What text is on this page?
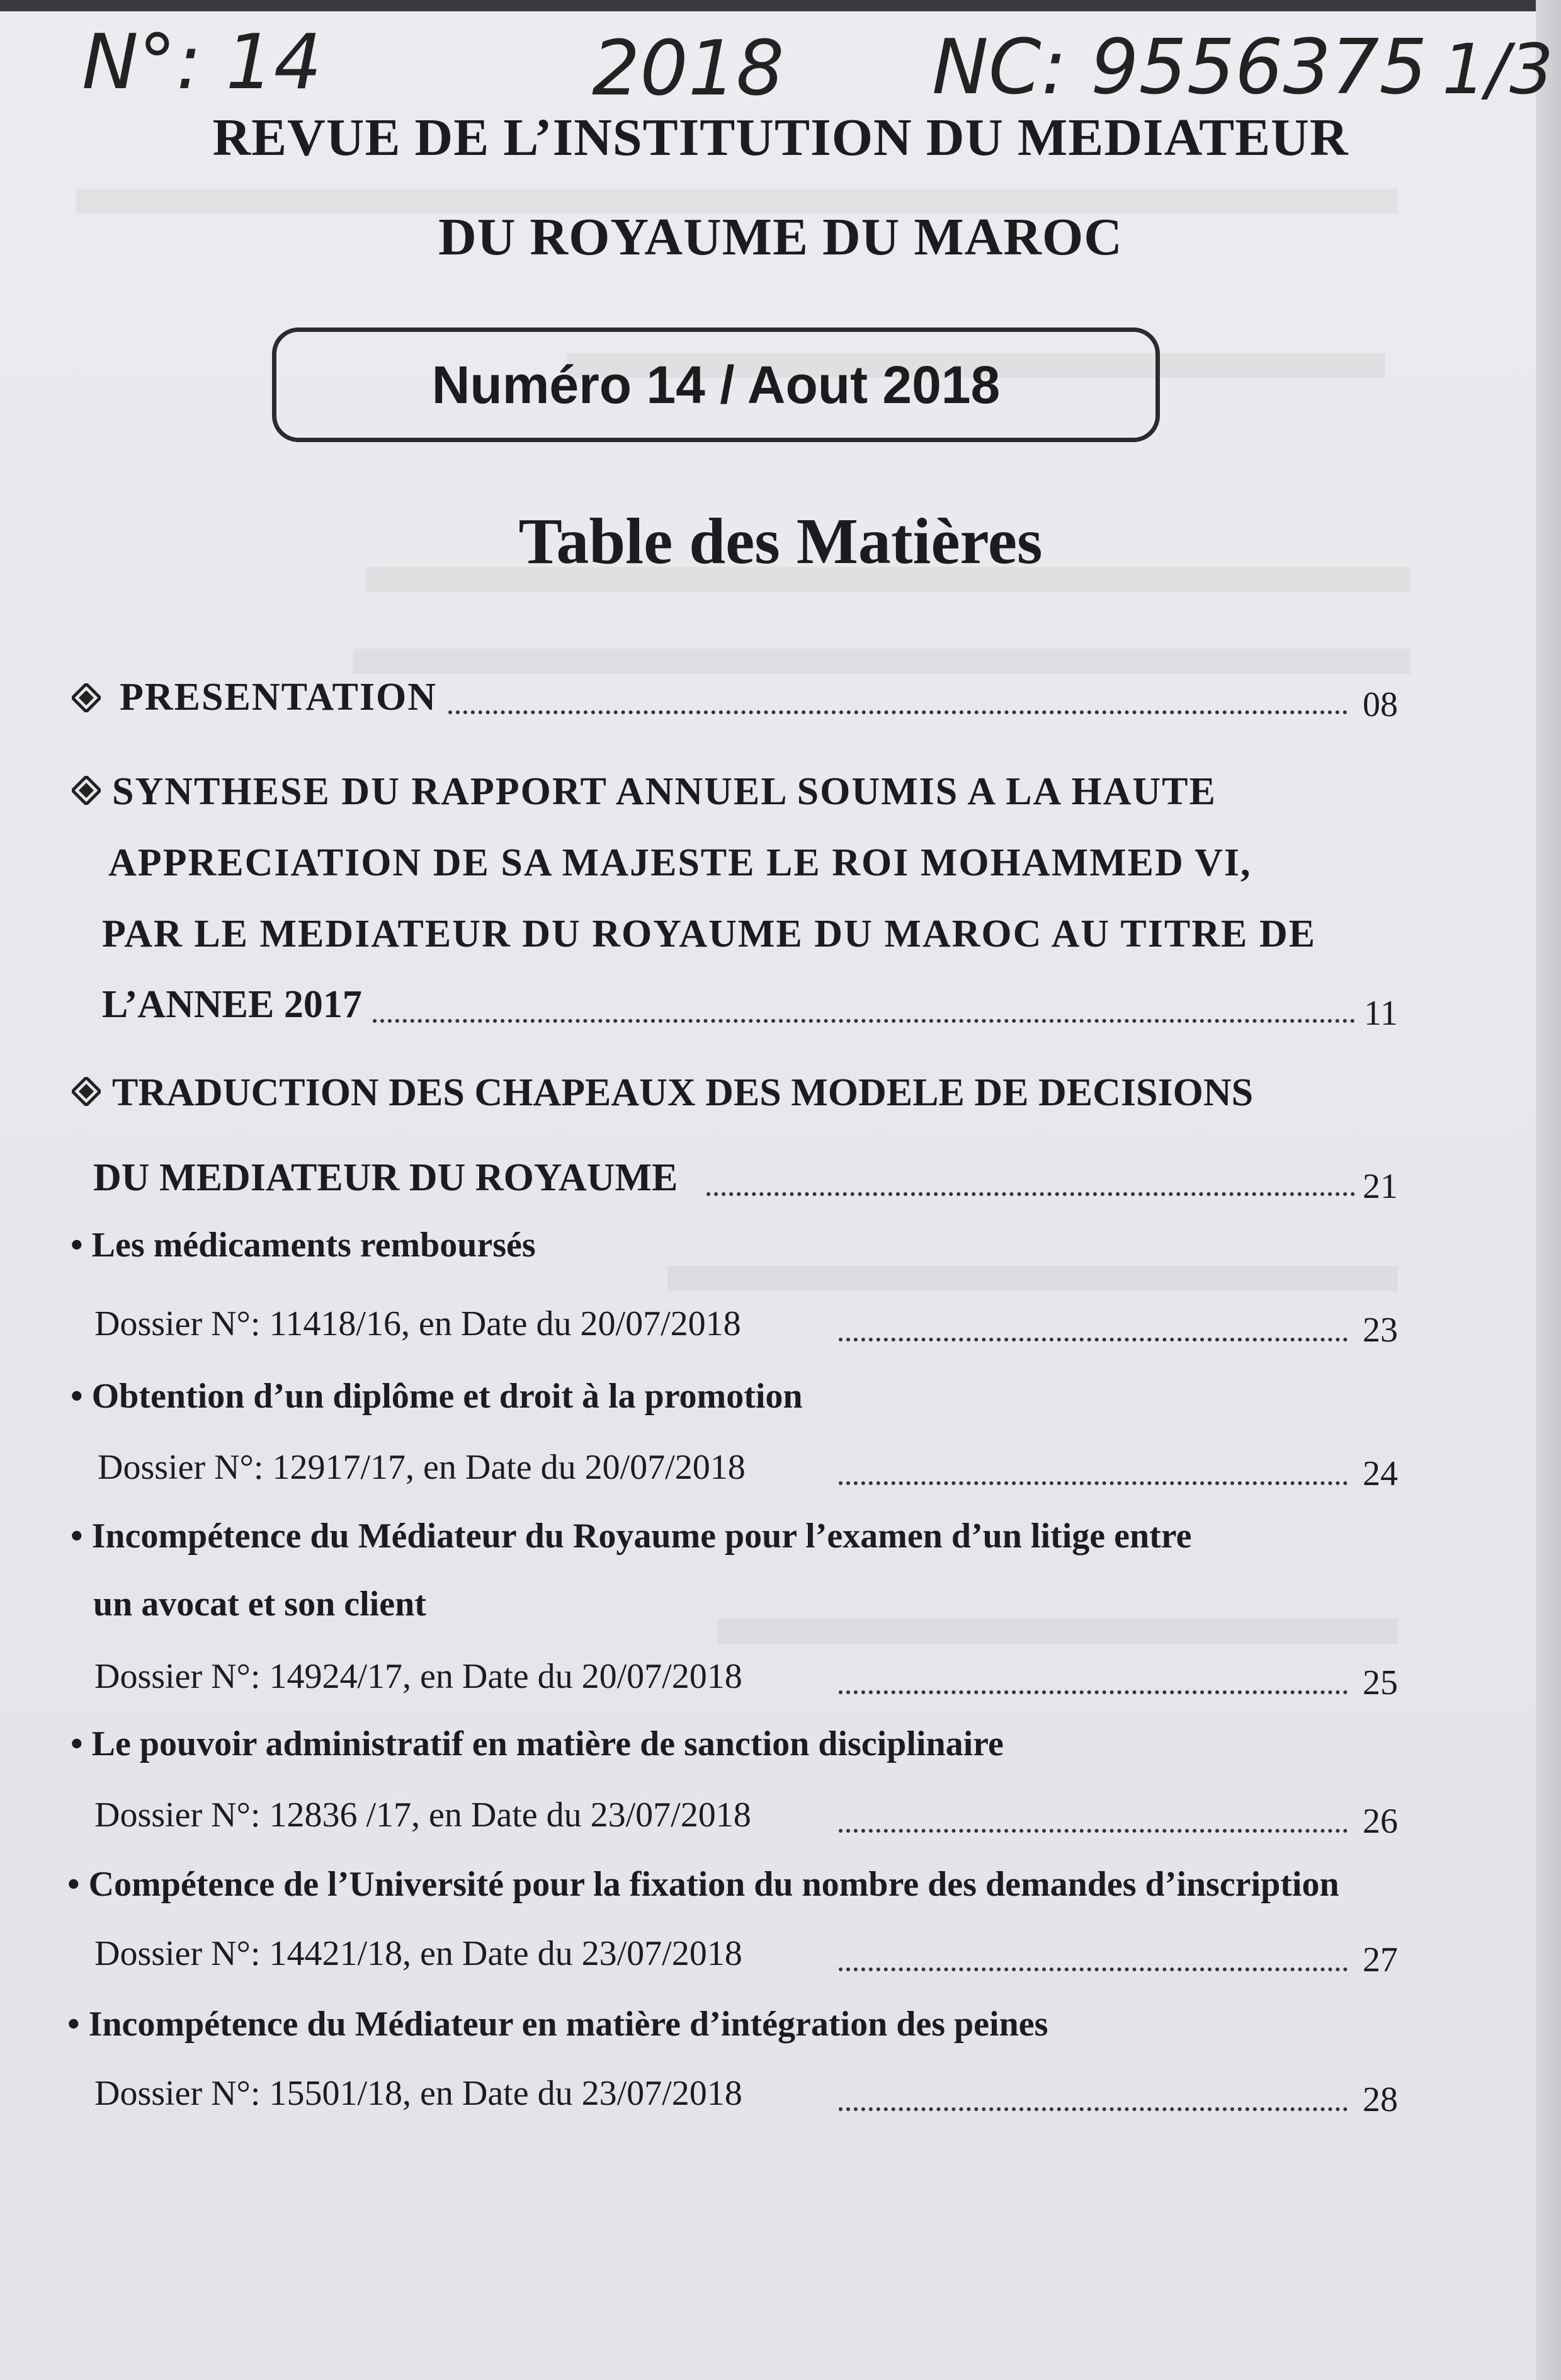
N°: 14	2018 NC: 9556375 1/3
REVUE DE L’INSTITUTION DU MEDIATEUR
DU ROYAUME DU MAROC
Numéro 14 / Aout 2018
Table des Matières
PRESENTATION	08
SYNTHESE DU RAPPORT ANNUEL SOUMIS A LA HAUTE
APPRECIATION DE SA MAJESTE LE ROI MOHAMMED VI,
PAR LE MEDIATEUR DU ROYAUME DU MAROC AU TITRE DE
L’ANNEE 2017	11
TRADUCTION DES CHAPEAUX DES MODELE DE DECISIONS
DU MEDIATEUR DU ROYAUME	21
• Les médicaments remboursés
Dossier N°: 11418/16, en Date du 20/07/2018	23
• Obtention d’un diplôme et droit à la promotion
Dossier N°: 12917/17, en Date du 20/07/2018	24
• Incompétence du Médiateur du Royaume pour l’examen d’un litige entre
un avocat et son client
Dossier N°: 14924/17, en Date du 20/07/2018	25
• Le pouvoir administratif en matière de sanction disciplinaire
Dossier N°: 12836 /17, en Date du 23/07/2018	26
• Compétence de l’Université pour la fixation du nombre des demandes d’inscription
Dossier N°: 14421/18, en Date du 23/07/2018	27
• Incompétence du Médiateur en matière d’intégration des peines
Dossier N°: 15501/18, en Date du 23/07/2018	28
